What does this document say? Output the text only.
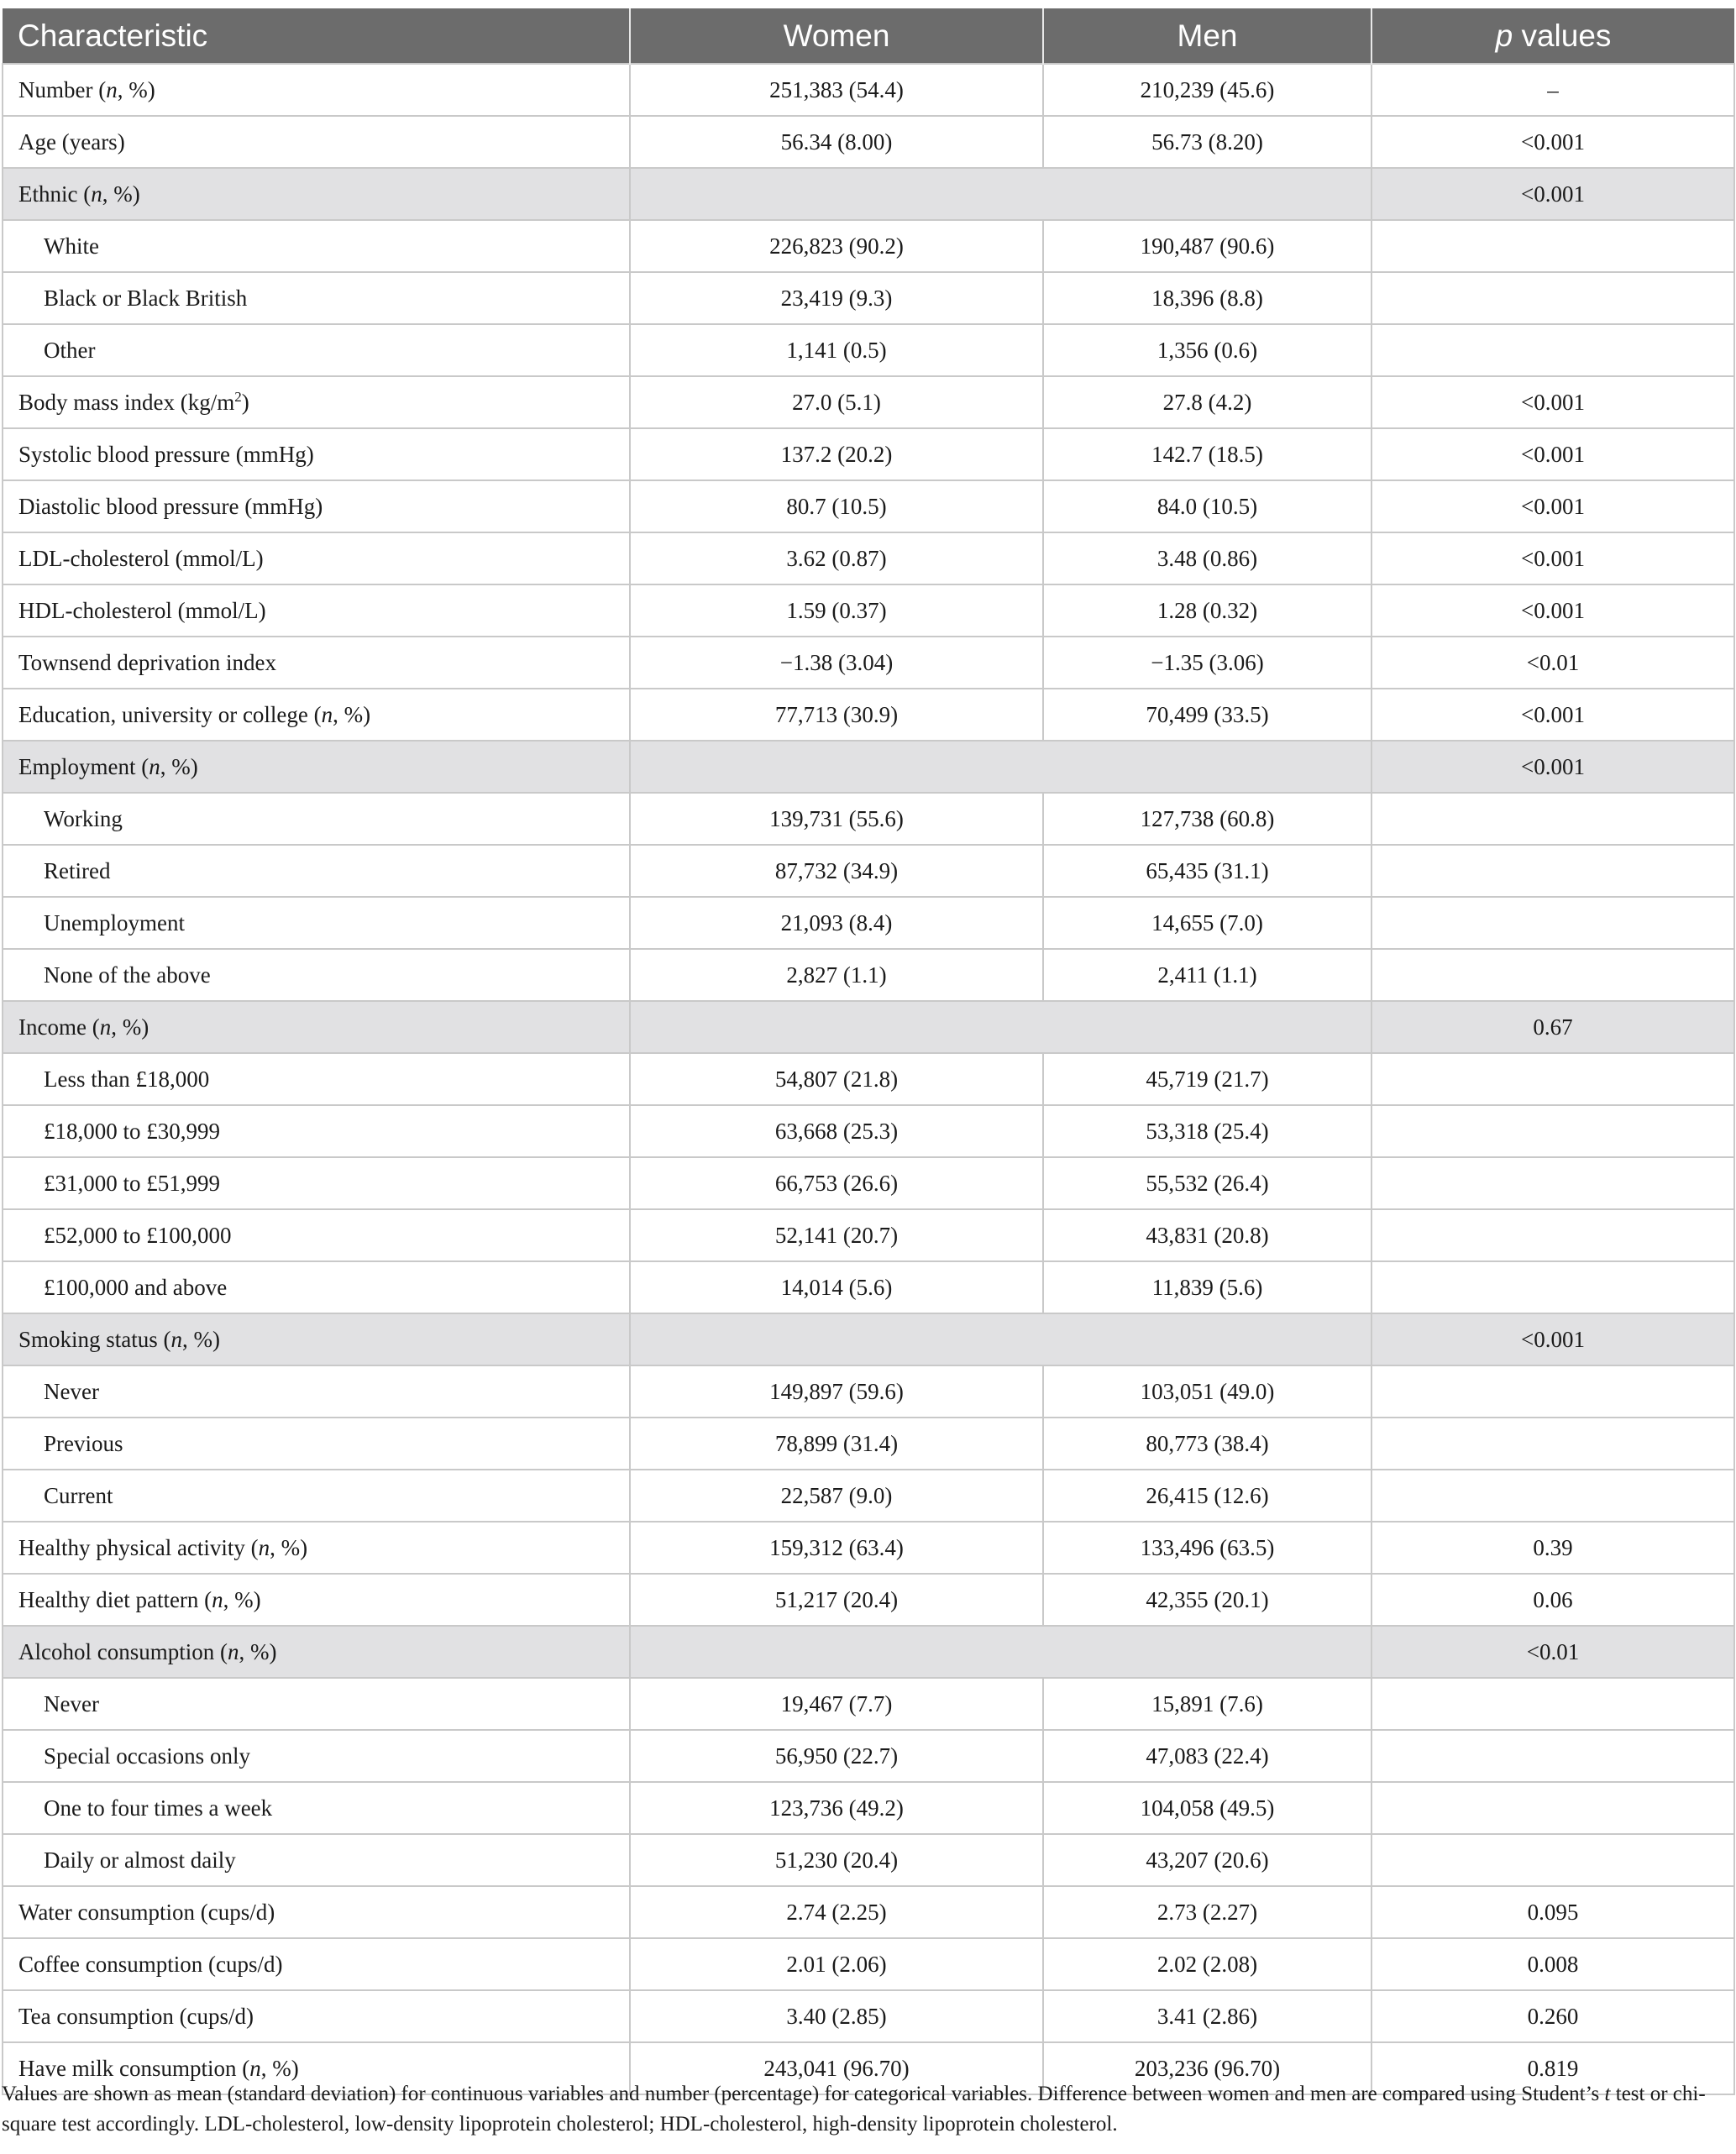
Characteristic	Women	Men	p values
Number (n, %)	251,383 (54.4)	210,239 (45.6)	–
Age (years)	56.34 (8.00)	56.73 (8.20)	<0.001
Ethnic (n, %)			<0.001
White	226,823 (90.2)	190,487 (90.6)	
Black or Black British	23,419 (9.3)	18,396 (8.8)	
Other	1,141 (0.5)	1,356 (0.6)	
Body mass index $(kg/m^2)$	27.0 (5.1)	27.8 (4.2)	<0.001
Systolic blood pressure (mmHg)	137.2 (20.2)	142.7 (18.5)	<0.001
Diastolic blood pressure (mmHg)	80.7 (10.5)	84.0 (10.5)	<0.001
LDL-cholesterol (mmol/L)	3.62 (0.87)	3.48 (0.86)	<0.001
HDL-cholesterol (mmol/L)	1.59 (0.37)	1.28 (0.32)	<0.001
Townsend deprivation index	−1.38 (3.04)	−1.35 (3.06)	<0.01
Education, university or college (n, %)	77,713 (30.9)	70,499 (33.5)	<0.001
Employment (n, %)			<0.001
Working	139,731 (55.6)	127,738 (60.8)	
Retired	87,732 (34.9)	65,435 (31.1)	
Unemployment	21,093 (8.4)	14,655 (7.0)	
None of the above	2,827 (1.1)	2,411 (1.1)	
Income (n, %)			0.67
Less than £18,000	54,807 (21.8)	45,719 (21.7)	
£18,000 to £30,999	63,668 (25.3)	53,318 (25.4)	
£31,000 to £51,999	66,753 (26.6)	55,532 (26.4)	
£52,000 to £100,000	52,141 (20.7)	43,831 (20.8)	
£100,000 and above	14,014 (5.6)	11,839 (5.6)	
Smoking status (n, %)			<0.001
Never	149,897 (59.6)	103,051 (49.0)	
Previous	78,899 (31.4)	80,773 (38.4)	
Current	22,587 (9.0)	26,415 (12.6)	
Healthy physical activity (n, %)	159,312 (63.4)	133,496 (63.5)	0.39
Healthy diet pattern (n, %)	51,217 (20.4)	42,355 (20.1)	0.06
Alcohol consumption (n, %)			<0.01
Never	19,467 (7.7)	15,891 (7.6)	
Special occasions only	56,950 (22.7)	47,083 (22.4)	
One to four times a week	123,736 (49.2)	104,058 (49.5)	
Daily or almost daily	51,230 (20.4)	43,207 (20.6)	
Water consumption (cups/d)	2.74 (2.25)	2.73 (2.27)	0.095
Coffee consumption (cups/d)	2.01 (2.06)	2.02 (2.08)	0.008
Tea consumption (cups/d)	3.40 (2.85)	3.41 (2.86)	0.260
Have milk consumption (n, %)	243,041 (96.70)	203,236 (96.70)	0.819
Values are shown as mean (standard deviation) for continuous variables and number (percentage) for categorical variables. Difference between women and men are compared using Student’s t test or chi-square test accordingly. LDL-cholesterol, low-density lipoprotein cholesterol; HDL-cholesterol, high-density lipoprotein cholesterol.
